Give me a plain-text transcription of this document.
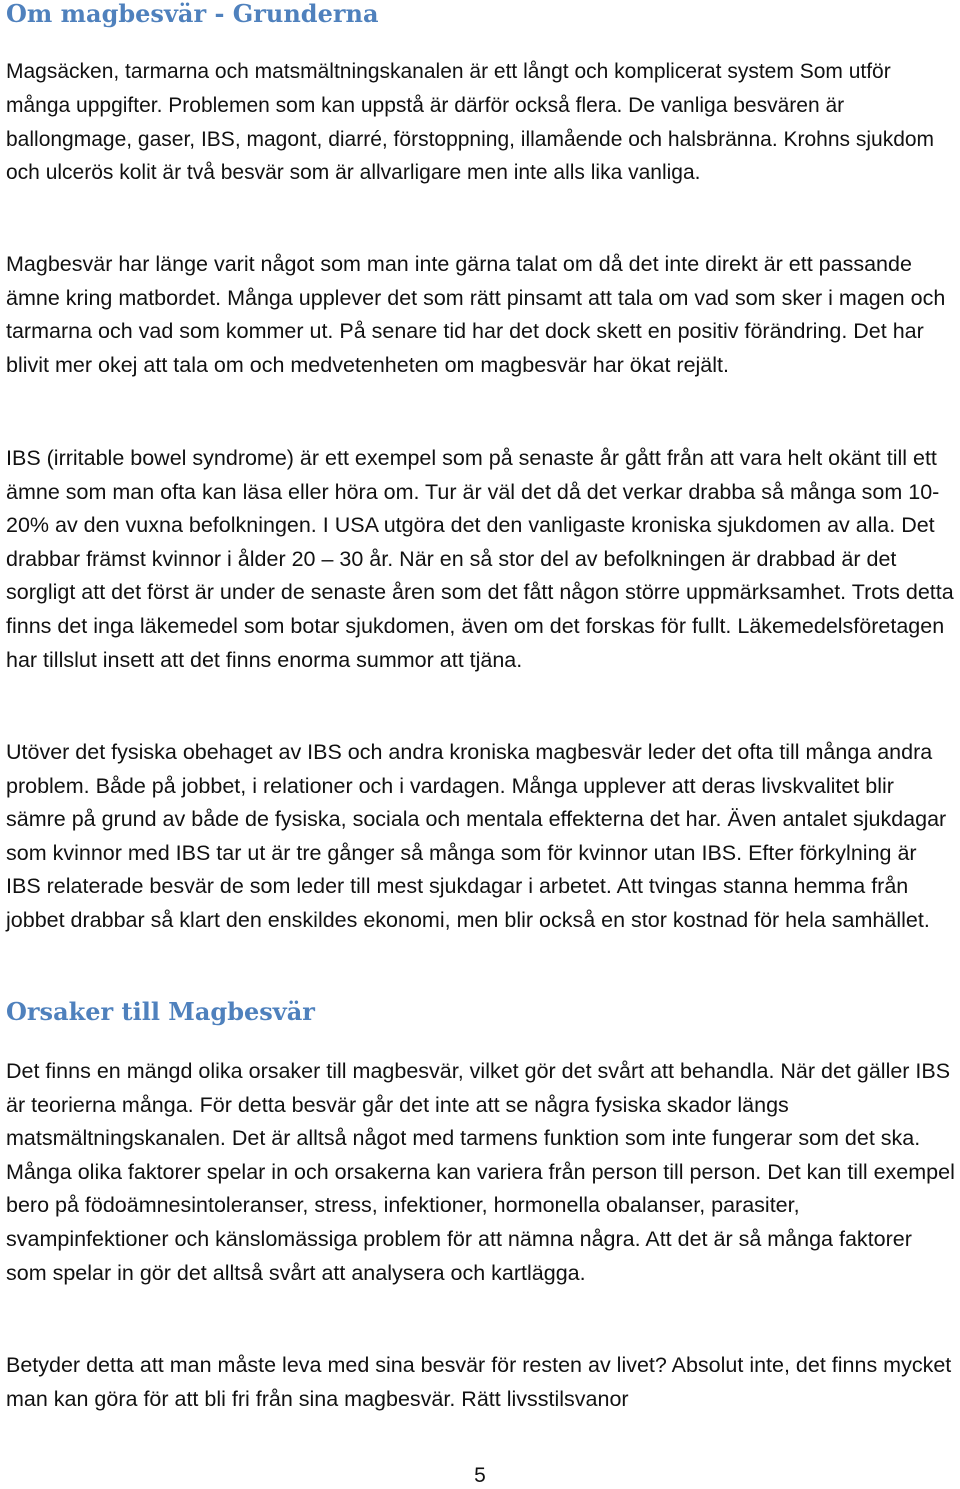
Om magbesvär - Grunderna

Magsäcken, tarmarna och matsmältningskanalen är ett långt och komplicerat system Som utför många uppgifter. Problemen som kan uppstå är därför också flera. De vanliga besvären är ballongmage, gaser, IBS, magont, diarré, förstoppning, illamående och halsbränna. Krohns sjukdom och ulcerös kolit är två besvär som är allvarligare men inte alls lika vanliga.

Magbesvär har länge varit något som man inte gärna talat om då det inte direkt är ett passande ämne kring matbordet. Många upplever det som rätt pinsamt att tala om vad som sker i magen och tarmarna och vad som kommer ut. På senare tid har det dock skett en positiv förändring. Det har blivit mer okej att tala om och medvetenheten om magbesvär har ökat rejält.

IBS (irritable bowel syndrome) är ett exempel som på senaste år gått från att vara helt okänt till ett ämne som man ofta kan läsa eller höra om. Tur är väl det då det verkar drabba så många som 10-20% av den vuxna befolkningen. I USA utgöra det den vanligaste kroniska sjukdomen av alla. Det drabbar främst kvinnor i ålder 20 – 30 år. När en så stor del av befolkningen är drabbad är det sorgligt att det först är under de senaste åren som det fått någon större uppmärksamhet. Trots detta finns det inga läkemedel som botar sjukdomen, även om det forskas för fullt. Läkemedelsföretagen har tillslut insett att det finns enorma summor att tjäna.

Utöver det fysiska obehaget av IBS och andra kroniska magbesvär leder det ofta till många andra problem. Både på jobbet, i relationer och i vardagen. Många upplever att deras livskvalitet blir sämre på grund av både de fysiska, sociala och mentala effekterna det har. Även antalet sjukdagar som kvinnor med IBS tar ut är tre gånger så många som för kvinnor utan IBS. Efter förkylning är IBS relaterade besvär de som leder till mest sjukdagar i arbetet. Att tvingas stanna hemma från jobbet drabbar så klart den enskildes ekonomi, men blir också en stor kostnad för hela samhället.

Orsaker till Magbesvär

Det finns en mängd olika orsaker till magbesvär, vilket gör det svårt att behandla. När det gäller IBS är teorierna många. För detta besvär går det inte att se några fysiska skador längs matsmältningskanalen. Det är alltså något med tarmens funktion som inte fungerar som det ska. Många olika faktorer spelar in och orsakerna kan variera från person till person. Det kan till exempel bero på födoämnesintoleranser, stress, infektioner, hormonella obalanser, parasiter, svampinfektioner och känslomässiga problem för att nämna några. Att det är så många faktorer som spelar in gör det alltså svårt att analysera och kartlägga.

Betyder detta att man måste leva med sina besvär för resten av livet? Absolut inte, det finns mycket man kan göra för att bli fri från sina magbesvär. Rätt livsstilsvanor

5
